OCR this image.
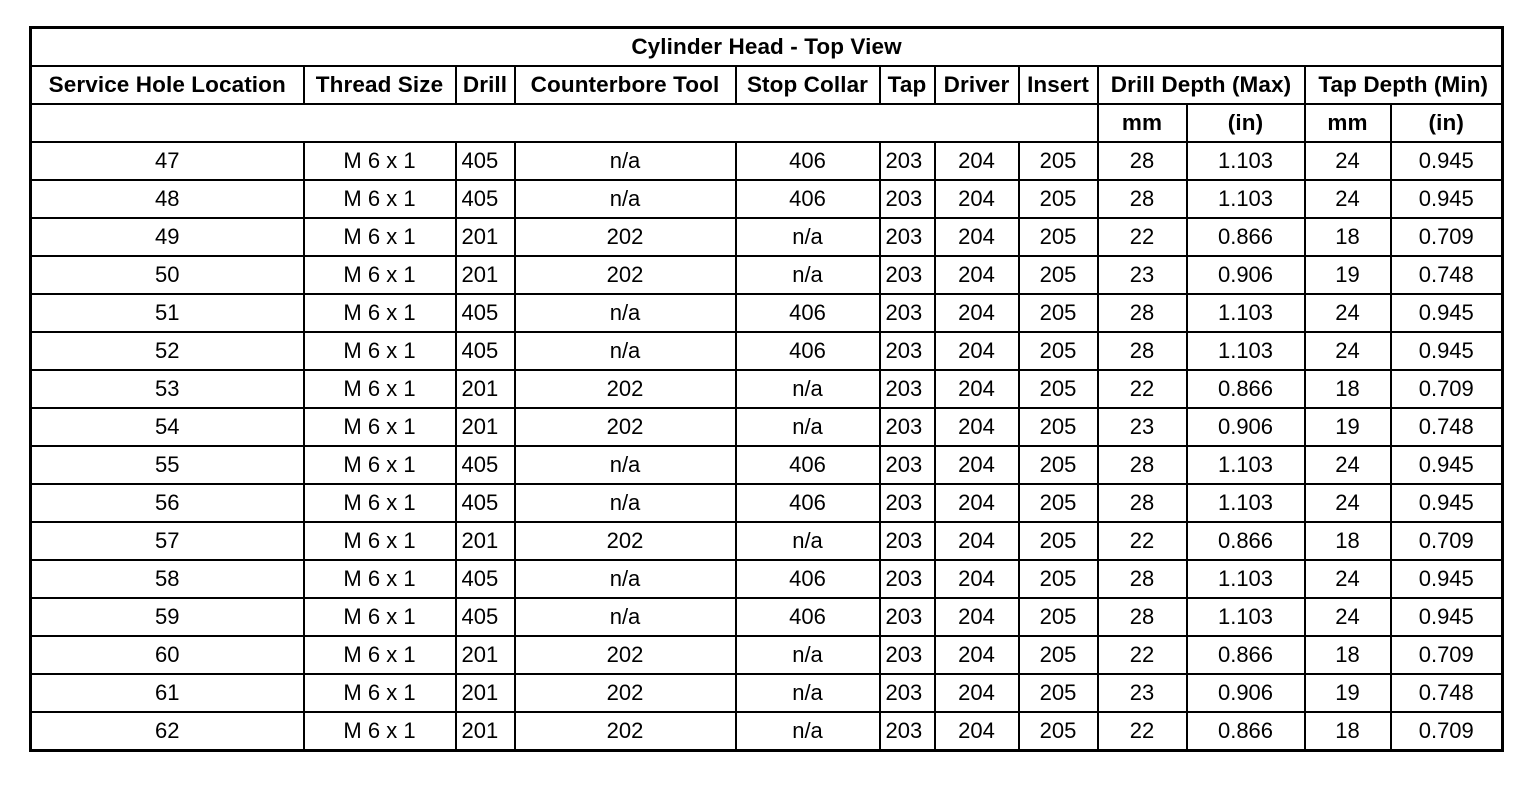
Cylinder Head - Top View											
Service Hole Location	Thread Size	Drill	Counterbore Tool	Stop Collar	Tap	Driver	Insert	Drill Depth (Max)		Tap Depth (Min)	
								mm	(in)	mm	(in)
47	M 6 x 1	405	n/a	406	203	204	205	28	1.103	24	0.945
48	M 6 x 1	405	n/a	406	203	204	205	28	1.103	24	0.945
49	M 6 x 1	201	202	n/a	203	204	205	22	0.866	18	0.709
50	M 6 x 1	201	202	n/a	203	204	205	23	0.906	19	0.748
51	M 6 x 1	405	n/a	406	203	204	205	28	1.103	24	0.945
52	M 6 x 1	405	n/a	406	203	204	205	28	1.103	24	0.945
53	M 6 x 1	201	202	n/a	203	204	205	22	0.866	18	0.709
54	M 6 x 1	201	202	n/a	203	204	205	23	0.906	19	0.748
55	M 6 x 1	405	n/a	406	203	204	205	28	1.103	24	0.945
56	M 6 x 1	405	n/a	406	203	204	205	28	1.103	24	0.945
57	M 6 x 1	201	202	n/a	203	204	205	22	0.866	18	0.709
58	M 6 x 1	405	n/a	406	203	204	205	28	1.103	24	0.945
59	M 6 x 1	405	n/a	406	203	204	205	28	1.103	24	0.945
60	M 6 x 1	201	202	n/a	203	204	205	22	0.866	18	0.709
61	M 6 x 1	201	202	n/a	203	204	205	23	0.906	19	0.748
62	M 6 x 1	201	202	n/a	203	204	205	22	0.866	18	0.709
